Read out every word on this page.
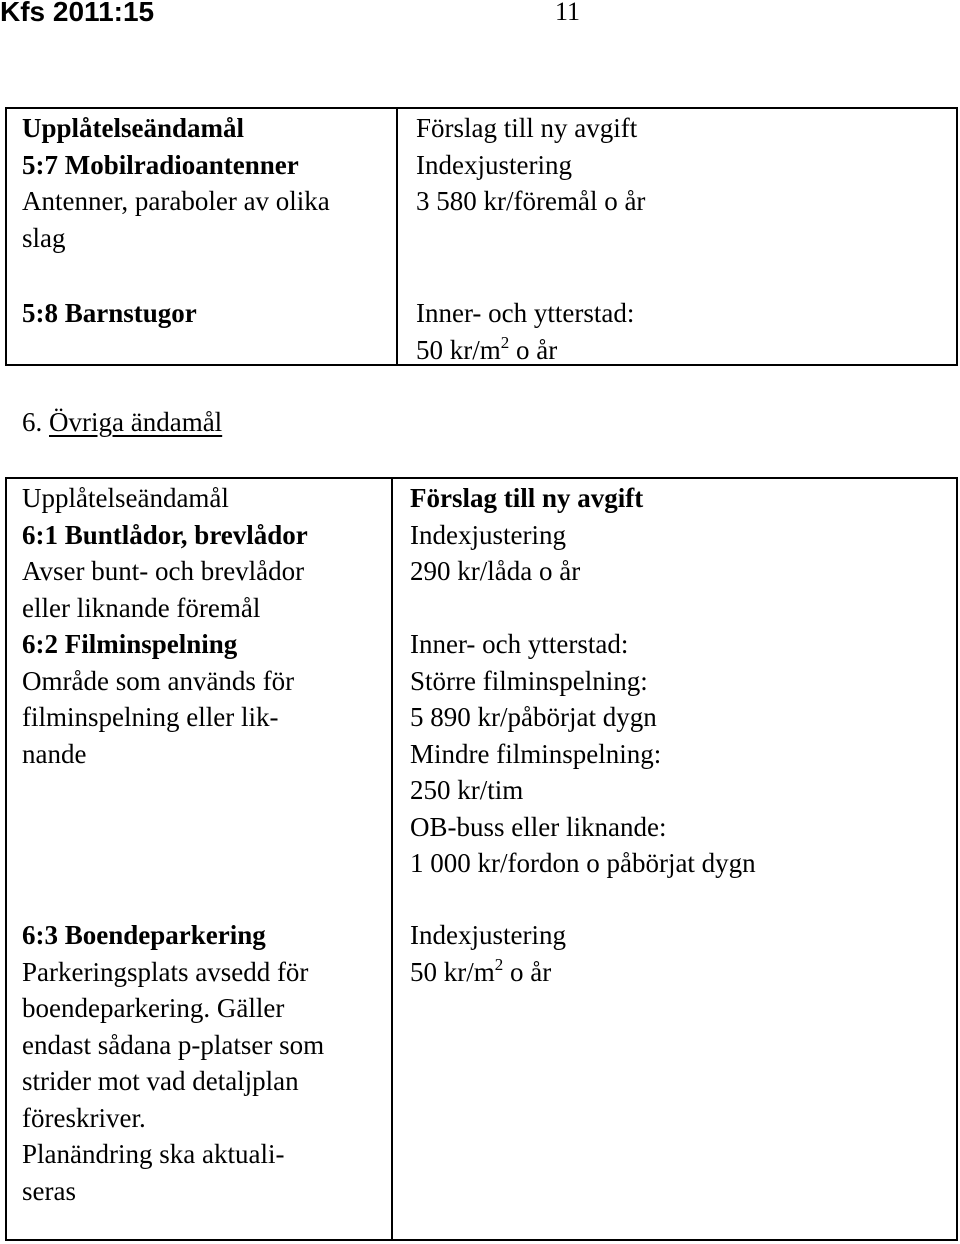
Kfs 2011:15	11
Upplåtelseändamål
5:7 Mobilradioantenner
Antenner, paraboler av olika
slag
Förslag till ny avgift
Indexjustering
3 580 kr/föremål o år
5:8 Barnstugor	Inner- och ytterstad:
50 $kr/m^2$ o år
6. Övriga ändamål
Upplåtelseändamål
6:1 Buntlådor, brevlådor
Avser bunt- och brevlådor
eller liknande föremål
6:2 Filminspelning
Område som används för
filminspelning eller lik-
nande
Förslag till ny avgift
Indexjustering
290 kr/låda o år

Inner- och ytterstad:
Större filminspelning:
5 890 kr/påbörjat dygn
Mindre filminspelning:
250 kr/tim
OB-buss eller liknande:
1 000 kr/fordon o påbörjat dygn
6:3 Boendeparkering
Parkeringsplats avsedd för
boendeparkering. Gäller
endast sådana p-platser som
strider mot vad detaljplan
föreskriver.
Planändring ska aktuali-
seras
Indexjustering
50 $kr/m^2$ o år
